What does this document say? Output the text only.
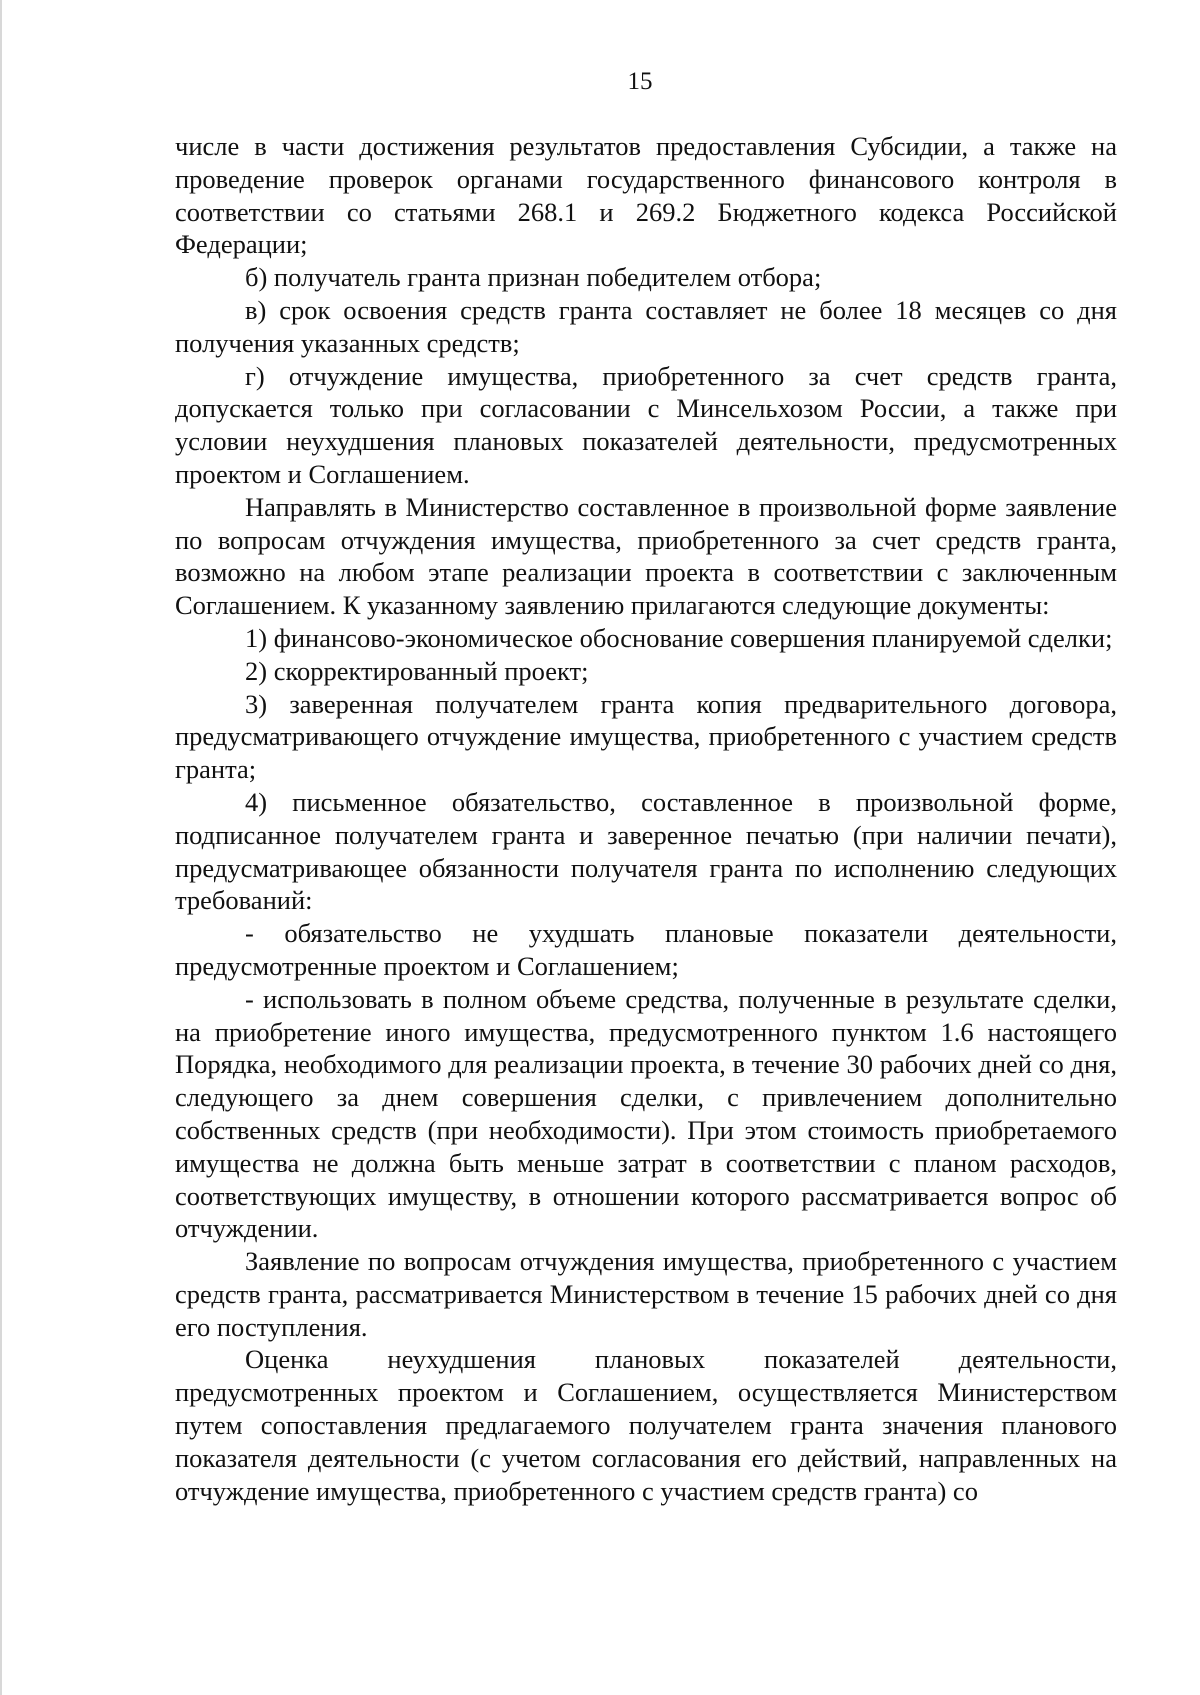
15

числе в части достижения результатов предоставления Субсидии, а также на проведение проверок органами государственного финансового контроля в соответствии со статьями 268.1 и 269.2 Бюджетного кодекса Российской Федерации;

б) получатель гранта признан победителем отбора;

в) срок освоения средств гранта составляет не более 18 месяцев со дня получения указанных средств;

г) отчуждение имущества, приобретенного за счет средств гранта, допускается только при согласовании с Минсельхозом России, а также при условии неухудшения плановых показателей деятельности, предусмотренных проектом и Соглашением.

Направлять в Министерство составленное в произвольной форме заявление по вопросам отчуждения имущества, приобретенного за счет средств гранта, возможно на любом этапе реализации проекта в соответствии с заключенным Соглашением. К указанному заявлению прилагаются следующие документы:

1) финансово-экономическое обоснование совершения планируемой сделки;

2) скорректированный проект;

3) заверенная получателем гранта копия предварительного договора, предусматривающего отчуждение имущества, приобретенного с участием средств гранта;

4) письменное обязательство, составленное в произвольной форме, подписанное получателем гранта и заверенное печатью (при наличии печати), предусматривающее обязанности получателя гранта по исполнению следующих требований:

- обязательство не ухудшать плановые показатели деятельности, предусмотренные проектом и Соглашением;

- использовать в полном объеме средства, полученные в результате сделки, на приобретение иного имущества, предусмотренного пунктом 1.6 настоящего Порядка, необходимого для реализации проекта, в течение 30 рабочих дней со дня, следующего за днем совершения сделки, с привлечением дополнительно собственных средств (при необходимости). При этом стоимость приобретаемого имущества не должна быть меньше затрат в соответствии с планом расходов, соответствующих имуществу, в отношении которого рассматривается вопрос об отчуждении.

Заявление по вопросам отчуждения имущества, приобретенного с участием средств гранта, рассматривается Министерством в течение 15 рабочих дней со дня его поступления.

Оценка неухудшения плановых показателей деятельности, предусмотренных проектом и Соглашением, осуществляется Министерством путем сопоставления предлагаемого получателем гранта значения планового показателя деятельности (с учетом согласования его действий, направленных на отчуждение имущества, приобретенного с участием средств гранта) со
